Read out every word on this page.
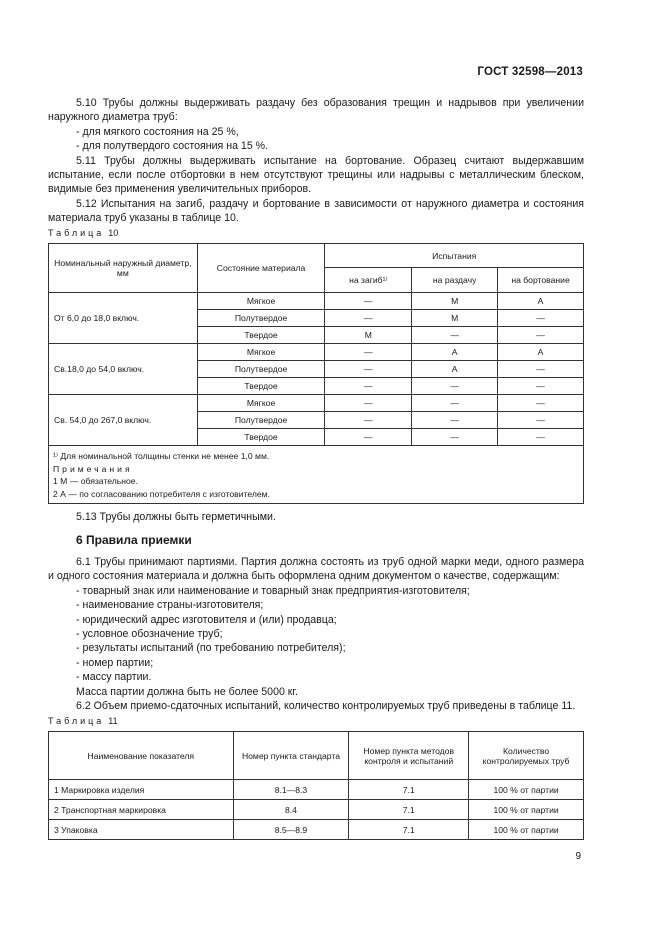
ГОСТ 32598—2013

5.10 Трубы должны выдерживать раздачу без образования трещин и надрывов при увеличении наружного диаметра труб:

- для мягкого состояния на 25 %,

- для полутвердого состояния на 15 %.

5.11 Трубы должны выдерживать испытание на бортование. Образец считают выдержавшим испытание, если после отбортовки в нем отсутствуют трещины или надрывы с металлическим блеском, видимые без применения увеличительных приборов.

5.12 Испытания на загиб, раздачу и бортование в зависимости от наружного диаметра и состояния материала труб указаны в таблице 10.

Таблица 10
Номинальный наружный диаметр, мм	Состояние материала	Испытания		
		на загиб¹⁾	на раздачу	на бортование
От 6,0 до 18,0 включ.	Мягкое	—	М	А
	Полутвердое	—	М	—
	Твердое	М	—	—
Св.18,0 до 54,0 включ.	Мягкое	—	А	А
	Полутвердое	—	А	—
	Твердое	—	—	—
Св. 54,0 до 267,0 включ.	Мягкое	—	—	—
	Полутвердое	—	—	—
	Твердое	—	—	—

¹⁾ Для номинальной толщины стенки не менее 1,0 мм.
Примечания
1 М — обязательное.
2 А — по согласованию потребителя с изготовителем.				

5.13 Трубы должны быть герметичными.

6 Правила приемки

6.1 Трубы принимают партиями. Партия должна состоять из труб одной марки меди, одного размера и одного состояния материала и должна быть оформлена одним документом о качестве, содержащим:

- товарный знак или наименование и товарный знак предприятия-изготовителя;

- наименование страны-изготовителя;

- юридический адрес изготовителя и (или) продавца;

- условное обозначение труб;

- результаты испытаний (по требованию потребителя);

- номер партии;

- массу партии.

Масса партии должна быть не более 5000 кг.

6.2 Объем приемо-сдаточных испытаний, количество контролируемых труб приведены в таблице 11.

Таблица 11
Наименование показателя	Номер пункта стандарта	Номер пункта методов контроля и испытаний	Количество контролируемых труб
1 Маркировка изделия	8.1—8.3	7.1	100 % от партии
2 Транспортная маркировка	8.4	7.1	100 % от партии
3 Упаковка	8.5—8.9	7.1	100 % от партии
9
